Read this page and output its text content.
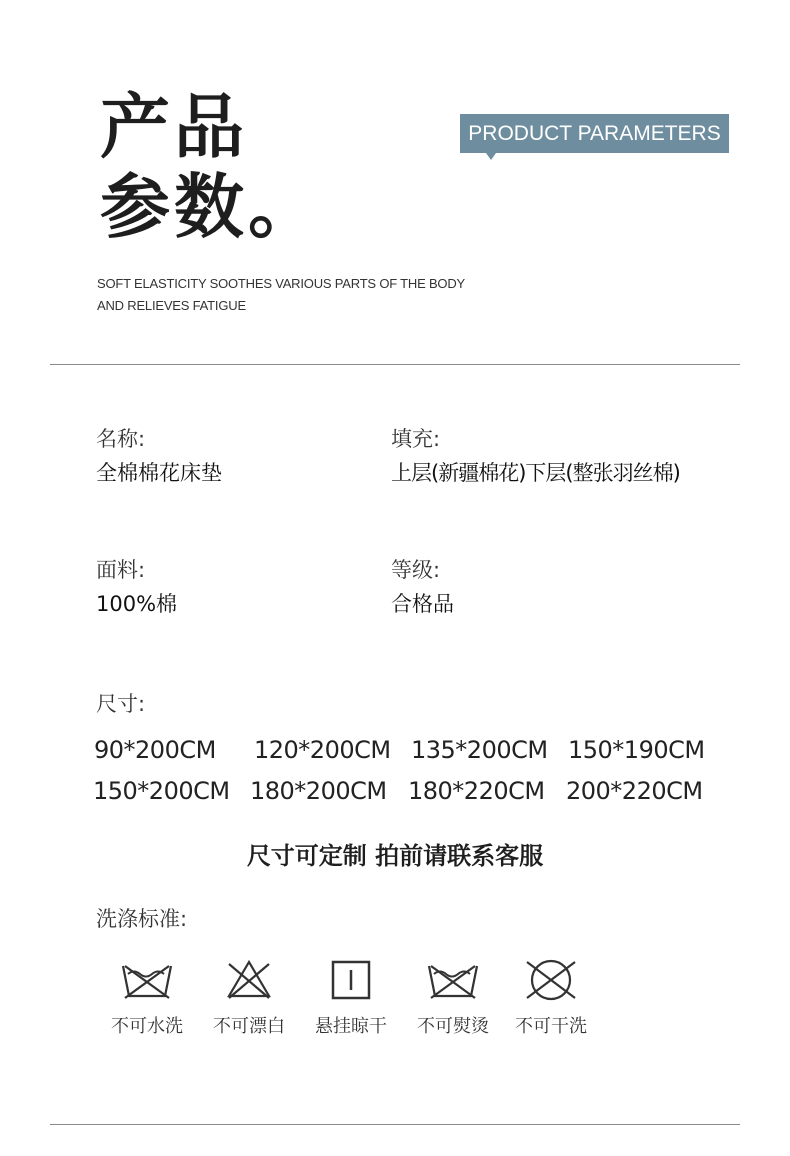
产品
参数。
PRODUCT PARAMETERS
SOFT ELASTICITY SOOTHES VARIOUS PARTS OF THE BODY
AND RELIEVES FATIGUE
名称:
全棉棉花床垫
填充:
上层(新疆棉花)下层(整张羽丝棉)
面料:
100%棉
等级:
合格品
尺寸:
90*200CM 120*200CM 135*200CM 150*190CM
150*200CM 180*200CM 180*220CM 200*220CM
尺寸可定制 拍前请联系客服
洗涤标准:
不可水洗	不可漂白	悬挂晾干	不可熨烫	不可干洗
